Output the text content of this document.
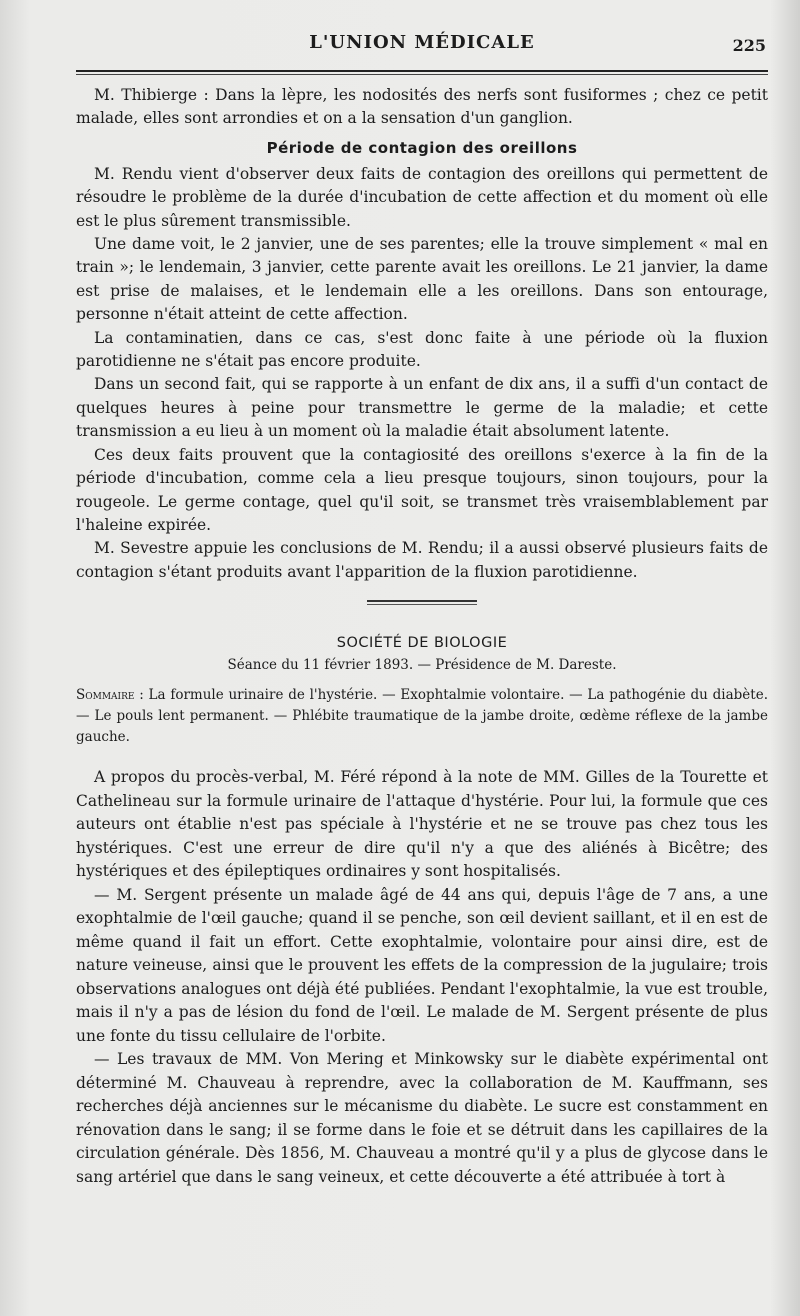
L'UNION MÉDICALE	225

M. Thibierge : Dans la lèpre, les nodosités des nerfs sont fusiformes ; chez ce petit malade, elles sont arrondies et on a la sensation d'un ganglion.

Période de contagion des oreillons

M. Rendu vient d'observer deux faits de contagion des oreillons qui permettent de résoudre le problème de la durée d'incubation de cette affection et du moment où elle est le plus sûrement transmissible.

Une dame voit, le 2 janvier, une de ses parentes; elle la trouve simplement « mal en train »; le lendemain, 3 janvier, cette parente avait les oreillons. Le 21 janvier, la dame est prise de malaises, et le lendemain elle a les oreillons. Dans son entourage, personne n'était atteint de cette affection.

La contaminatien, dans ce cas, s'est donc faite à une période où la fluxion parotidienne ne s'était pas encore produite.

Dans un second fait, qui se rapporte à un enfant de dix ans, il a suffi d'un contact de quelques heures à peine pour transmettre le germe de la maladie; et cette transmission a eu lieu à un moment où la maladie était absolument latente.

Ces deux faits prouvent que la contagiosité des oreillons s'exerce à la fin de la période d'incubation, comme cela a lieu presque toujours, sinon toujours, pour la rougeole. Le germe contage, quel qu'il soit, se transmet très vraisemblablement par l'haleine expirée.

M. Sevestre appuie les conclusions de M. Rendu; il a aussi observé plusieurs faits de contagion s'étant produits avant l'apparition de la fluxion parotidienne.

SOCIÉTÉ DE BIOLOGIE
Séance du 11 février 1893. — Présidence de M. Dareste.
Sommaire : La formule urinaire de l'hystérie. — Exophtalmie volontaire. — La pathogénie du diabète. — Le pouls lent permanent. — Phlébite traumatique de la jambe droite, œdème réflexe de la jambe gauche.

A propos du procès-verbal, M. Féré répond à la note de MM. Gilles de la Tourette et Cathelineau sur la formule urinaire de l'attaque d'hystérie. Pour lui, la formule que ces auteurs ont établie n'est pas spéciale à l'hystérie et ne se trouve pas chez tous les hystériques. C'est une erreur de dire qu'il n'y a que des aliénés à Bicêtre; des hystériques et des épileptiques ordinaires y sont hospitalisés.

— M. Sergent présente un malade âgé de 44 ans qui, depuis l'âge de 7 ans, a une exophtalmie de l'œil gauche; quand il se penche, son œil devient saillant, et il en est de même quand il fait un effort. Cette exophtalmie, volontaire pour ainsi dire, est de nature veineuse, ainsi que le prouvent les effets de la compression de la jugulaire; trois observations analogues ont déjà été publiées. Pendant l'exophtalmie, la vue est trouble, mais il n'y a pas de lésion du fond de l'œil. Le malade de M. Sergent présente de plus une fonte du tissu cellulaire de l'orbite.

— Les travaux de MM. Von Mering et Minkowsky sur le diabète expérimental ont déterminé M. Chauveau à reprendre, avec la collaboration de M. Kauffmann, ses recherches déjà anciennes sur le mécanisme du diabète. Le sucre est constamment en rénovation dans le sang; il se forme dans le foie et se détruit dans les capillaires de la circulation générale. Dès 1856, M. Chauveau a montré qu'il y a plus de glycose dans le sang artériel que dans le sang veineux, et cette découverte a été attribuée à tort à
